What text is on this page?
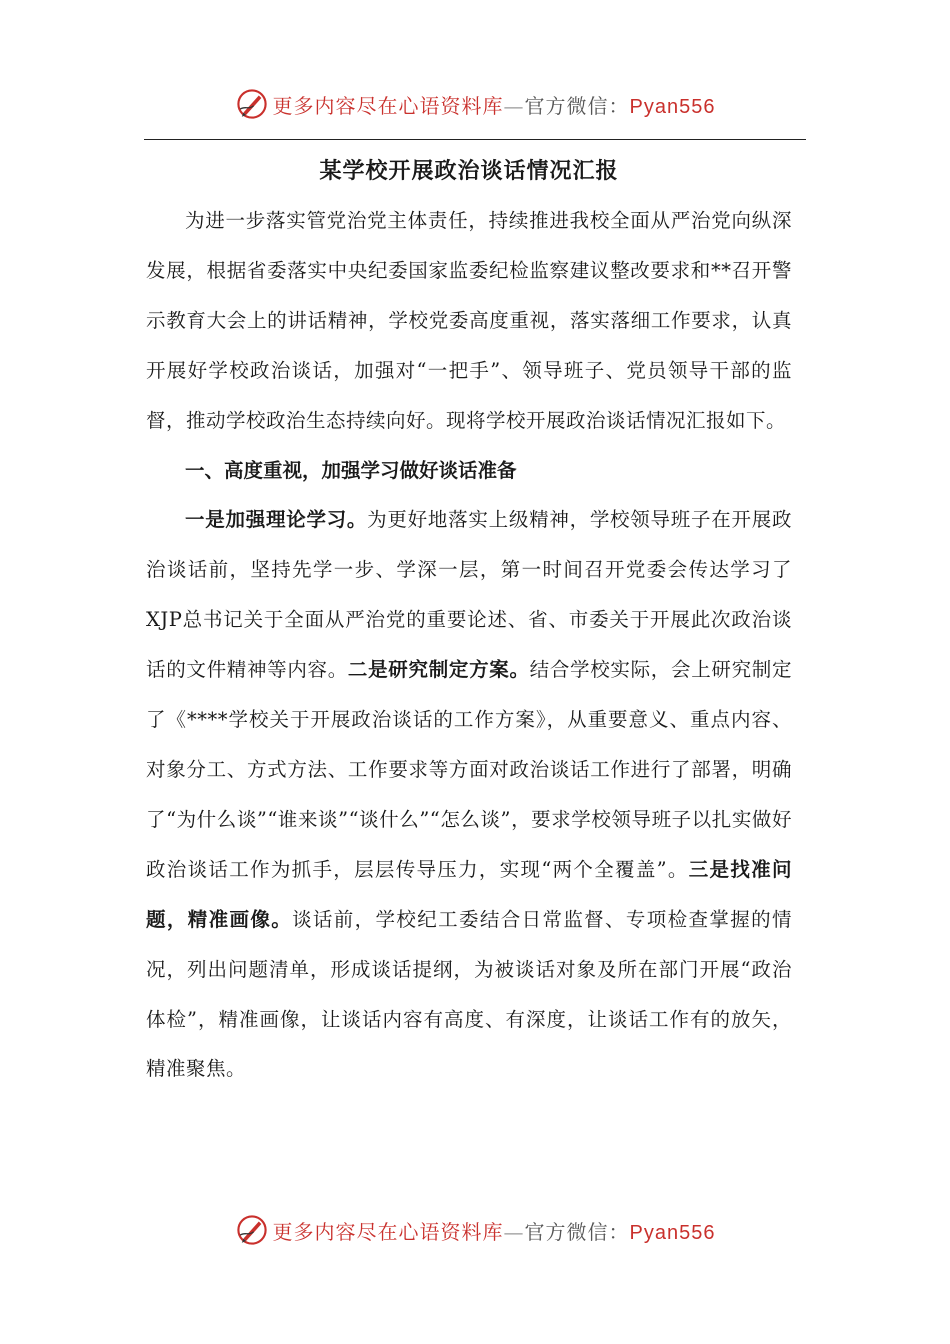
更多内容尽在心语资料库—官方微信：Pyan556
某学校开展政治谈话情况汇报

为进一步落实管党治党主体责任，持续推进我校全面从严治党向纵深发展，根据省委落实中央纪委国家监委纪检监察建议整改要求和**召开警示教育大会上的讲话精神，学校党委高度重视，落实落细工作要求，认真开展好学校政治谈话，加强对“一把手”、领导班子、党员领导干部的监督，推动学校政治生态持续向好。现将学校开展政治谈话情况汇报如下。

一、高度重视，加强学习做好谈话准备

一是加强理论学习。为更好地落实上级精神，学校领导班子在开展政治谈话前，坚持先学一步、学深一层，第一时间召开党委会传达学习了XJP总书记关于全面从严治党的重要论述、省、市委关于开展此次政治谈话的文件精神等内容。二是研究制定方案。结合学校实际，会上研究制定了《****学校关于开展政治谈话的工作方案》，从重要意义、重点内容、对象分工、方式方法、工作要求等方面对政治谈话工作进行了部署，明确了“为什么谈”“谁来谈”“谈什么”“怎么谈”，要求学校领导班子以扎实做好政治谈话工作为抓手，层层传导压力，实现“两个全覆盖”。三是找准问题，精准画像。谈话前，学校纪工委结合日常监督、专项检查掌握的情况，列出问题清单，形成谈话提纲，为被谈话对象及所在部门开展“政治体检”，精准画像，让谈话内容有高度、有深度，让谈话工作有的放矢，精准聚焦。

更多内容尽在心语资料库—官方微信：Pyan556
